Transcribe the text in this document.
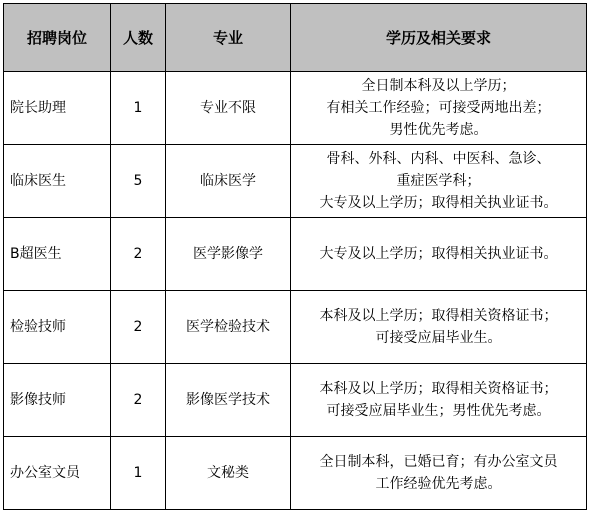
招聘岗位	人数	专业	学历及相关要求
院长助理	1	专业不限	全日制本科及以上学历；
有相关工作经验；可接受两地出差；
男性优先考虑。

临床医生	5	临床医学	骨科、外科、内科、中医科、急诊、
重症医学科；
大专及以上学历；取得相关执业证书。

B超医生	2	医学影像学	大专及以上学历；取得相关执业证书。

检验技师	2	医学检验技术	本科及以上学历；取得相关资格证书；
可接受应届毕业生。

影像技师	2	影像医学技术	本科及以上学历；取得相关资格证书；
可接受应届毕业生；男性优先考虑。

办公室文员	1	文秘类	全日制本科，已婚已育；有办公室文员
工作经验优先考虑。
